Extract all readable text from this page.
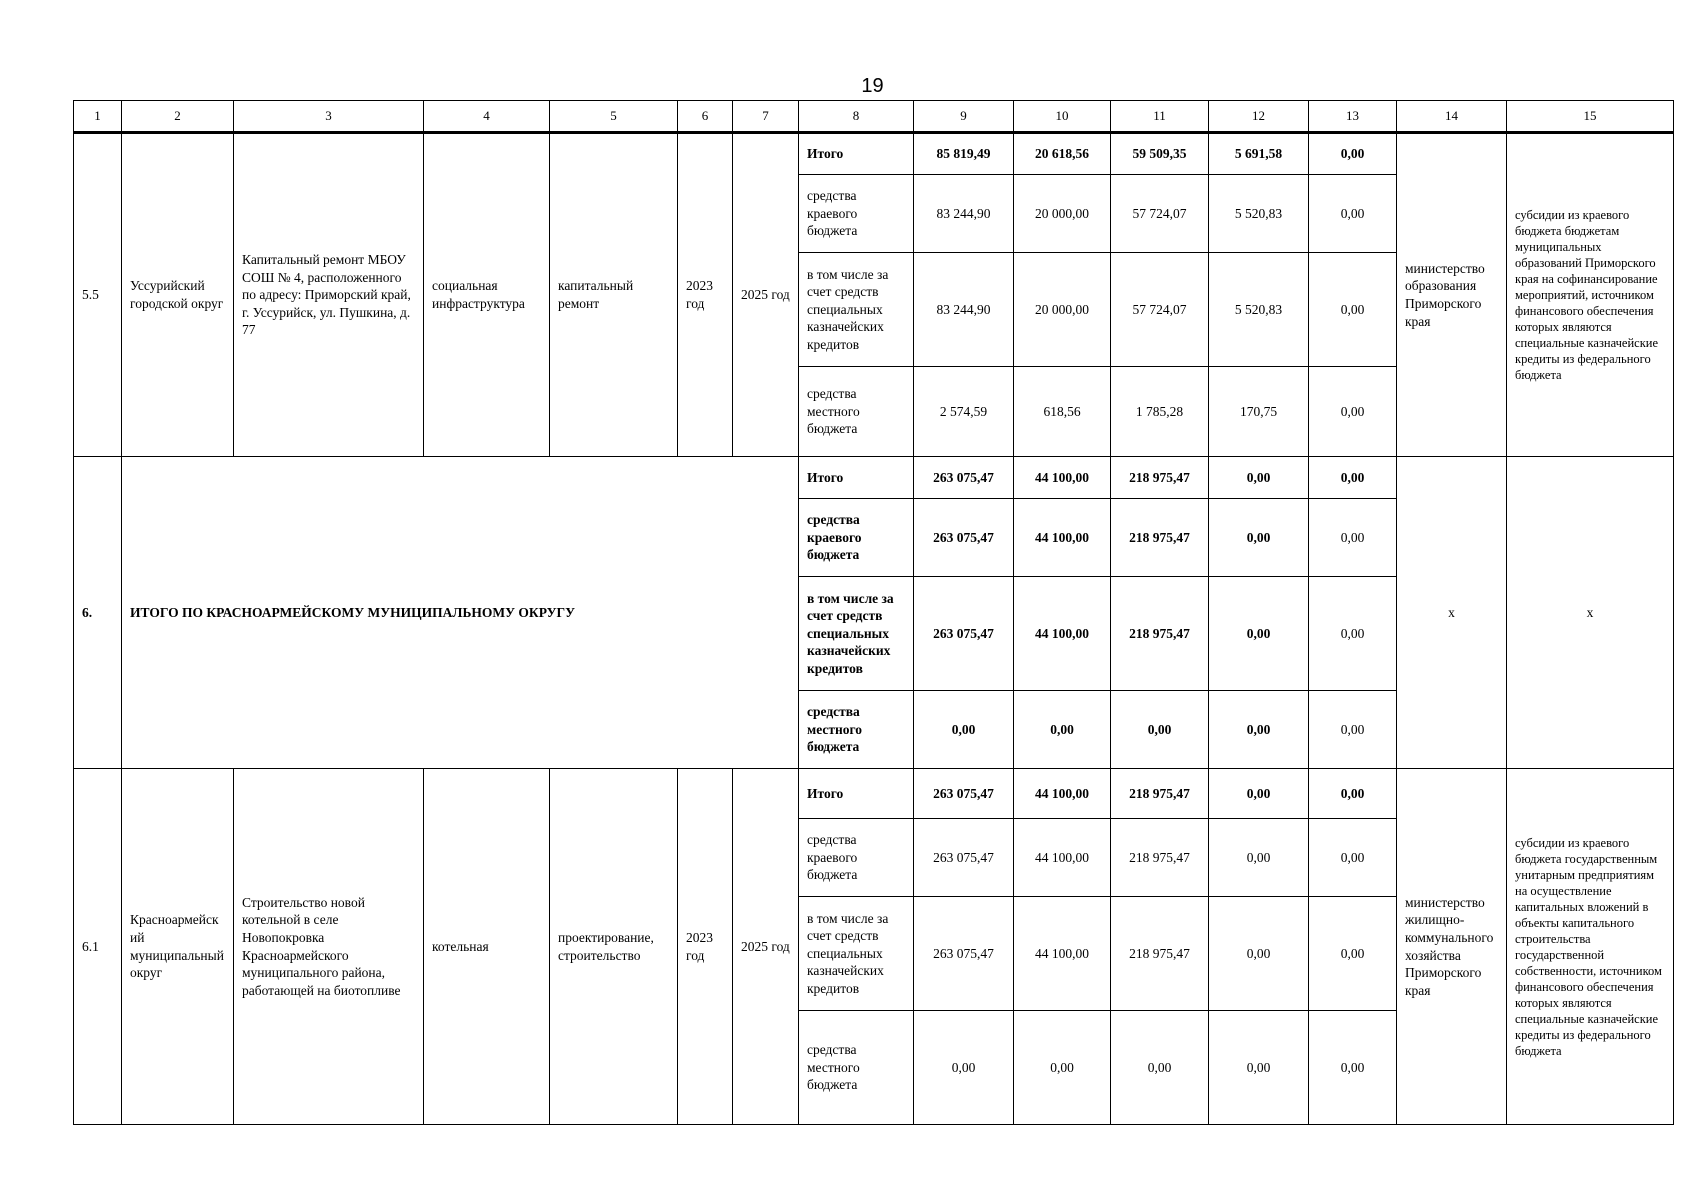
19
1	2	3	4	5	6	7	8	9	10	11	12	13	14	15
5.5	Уссурийский городской округ	Капитальный ремонт МБОУ СОШ № 4, расположенного по адресу: Приморский край, г. Уссурийск, ул. Пушкина, д. 77	социальная инфраструктура	капитальный ремонт	2023 год	2025 год	Итого	85 819,49	20 618,56	59 509,35	5 691,58	0,00	министерство образования Приморского края	субсидии из краевого бюджета бюджетам муниципальных образований Приморского края на софинансирование мероприятий, источником финансового обеспечения которых являются специальные казначейские кредиты из федерального бюджета
							средства краевого бюджета	83 244,90	20 000,00	57 724,07	5 520,83	0,00		
							в том числе за счет средств специальных казначейских кредитов	83 244,90	20 000,00	57 724,07	5 520,83	0,00		
							средства местного бюджета	2 574,59	618,56	1 785,28	170,75	0,00		
6.	ИТОГО ПО КРАСНОАРМЕЙСКОМУ МУНИЦИПАЛЬНОМУ ОКРУГУ						Итого	263 075,47	44 100,00	218 975,47	0,00	0,00	x	x
							средства краевого бюджета	263 075,47	44 100,00	218 975,47	0,00	0,00		
							в том числе за счет средств специальных казначейских кредитов	263 075,47	44 100,00	218 975,47	0,00	0,00		
							средства местного бюджета	0,00	0,00	0,00	0,00	0,00		
6.1	Красноармейский муниципальный округ	Строительство новой котельной в селе Новопокровка Красноармейского муниципального района, работающей на биотопливе	котельная	проектирование, строительство	2023 год	2025 год	Итого	263 075,47	44 100,00	218 975,47	0,00	0,00	министерство жилищно-коммунального хозяйства Приморского края	субсидии из краевого бюджета государственным унитарным предприятиям на осуществление капитальных вложений в объекты капитального строительства государственной собственности, источником финансового обеспечения которых являются специальные казначейские кредиты из федерального бюджета
							средства краевого бюджета	263 075,47	44 100,00	218 975,47	0,00	0,00		
							в том числе за счет средств специальных казначейских кредитов	263 075,47	44 100,00	218 975,47	0,00	0,00		
							средства местного бюджета	0,00	0,00	0,00	0,00	0,00		
